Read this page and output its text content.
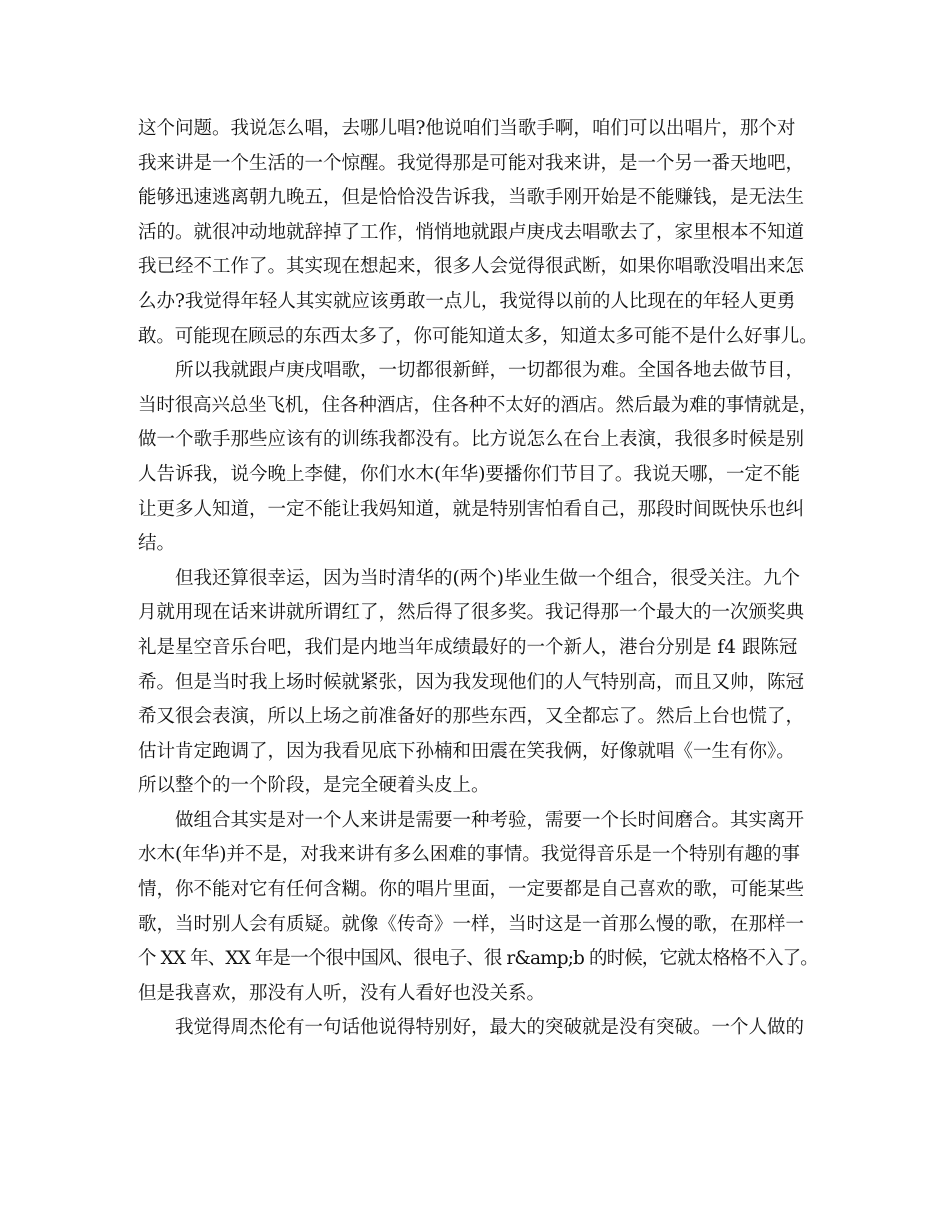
这个问题。我说怎么唱，去哪儿唱?他说咱们当歌手啊，咱们可以出唱片，那个对
我来讲是一个生活的一个惊醒。我觉得那是可能对我来讲，是一个另一番天地吧，
能够迅速逃离朝九晚五，但是恰恰没告诉我，当歌手刚开始是不能赚钱，是无法生
活的。就很冲动地就辞掉了工作，悄悄地就跟卢庚戌去唱歌去了，家里根本不知道
我已经不工作了。其实现在想起来，很多人会觉得很武断，如果你唱歌没唱出来怎
么办?我觉得年轻人其实就应该勇敢一点儿，我觉得以前的人比现在的年轻人更勇
敢。可能现在顾忌的东西太多了，你可能知道太多，知道太多可能不是什么好事儿。
所以我就跟卢庚戌唱歌，一切都很新鲜，一切都很为难。全国各地去做节目，
当时很高兴总坐飞机，住各种酒店，住各种不太好的酒店。然后最为难的事情就是，
做一个歌手那些应该有的训练我都没有。比方说怎么在台上表演，我很多时候是别
人告诉我，说今晚上李健，你们水木(年华)要播你们节目了。我说天哪，一定不能
让更多人知道，一定不能让我妈知道，就是特别害怕看自己，那段时间既快乐也纠
结。
但我还算很幸运，因为当时清华的(两个)毕业生做一个组合，很受关注。九个
月就用现在话来讲就所谓红了，然后得了很多奖。我记得那一个最大的一次颁奖典
礼是星空音乐台吧，我们是内地当年成绩最好的一个新人，港台分别是 f4 跟陈冠
希。但是当时我上场时候就紧张，因为我发现他们的人气特别高，而且又帅，陈冠
希又很会表演，所以上场之前准备好的那些东西，又全都忘了。然后上台也慌了，
估计肯定跑调了，因为我看见底下孙楠和田震在笑我俩，好像就唱《一生有你》。
所以整个的一个阶段，是完全硬着头皮上。
做组合其实是对一个人来讲是需要一种考验，需要一个长时间磨合。其实离开
水木(年华)并不是，对我来讲有多么困难的事情。我觉得音乐是一个特别有趣的事
情，你不能对它有任何含糊。你的唱片里面，一定要都是自己喜欢的歌，可能某些
歌，当时别人会有质疑。就像《传奇》一样，当时这是一首那么慢的歌，在那样一
个 XX 年、XX 年是一个很中国风、很电子、很 r&amp;b 的时候，它就太格格不入了。
但是我喜欢，那没有人听，没有人看好也没关系。
我觉得周杰伦有一句话他说得特别好，最大的突破就是没有突破。一个人做的
